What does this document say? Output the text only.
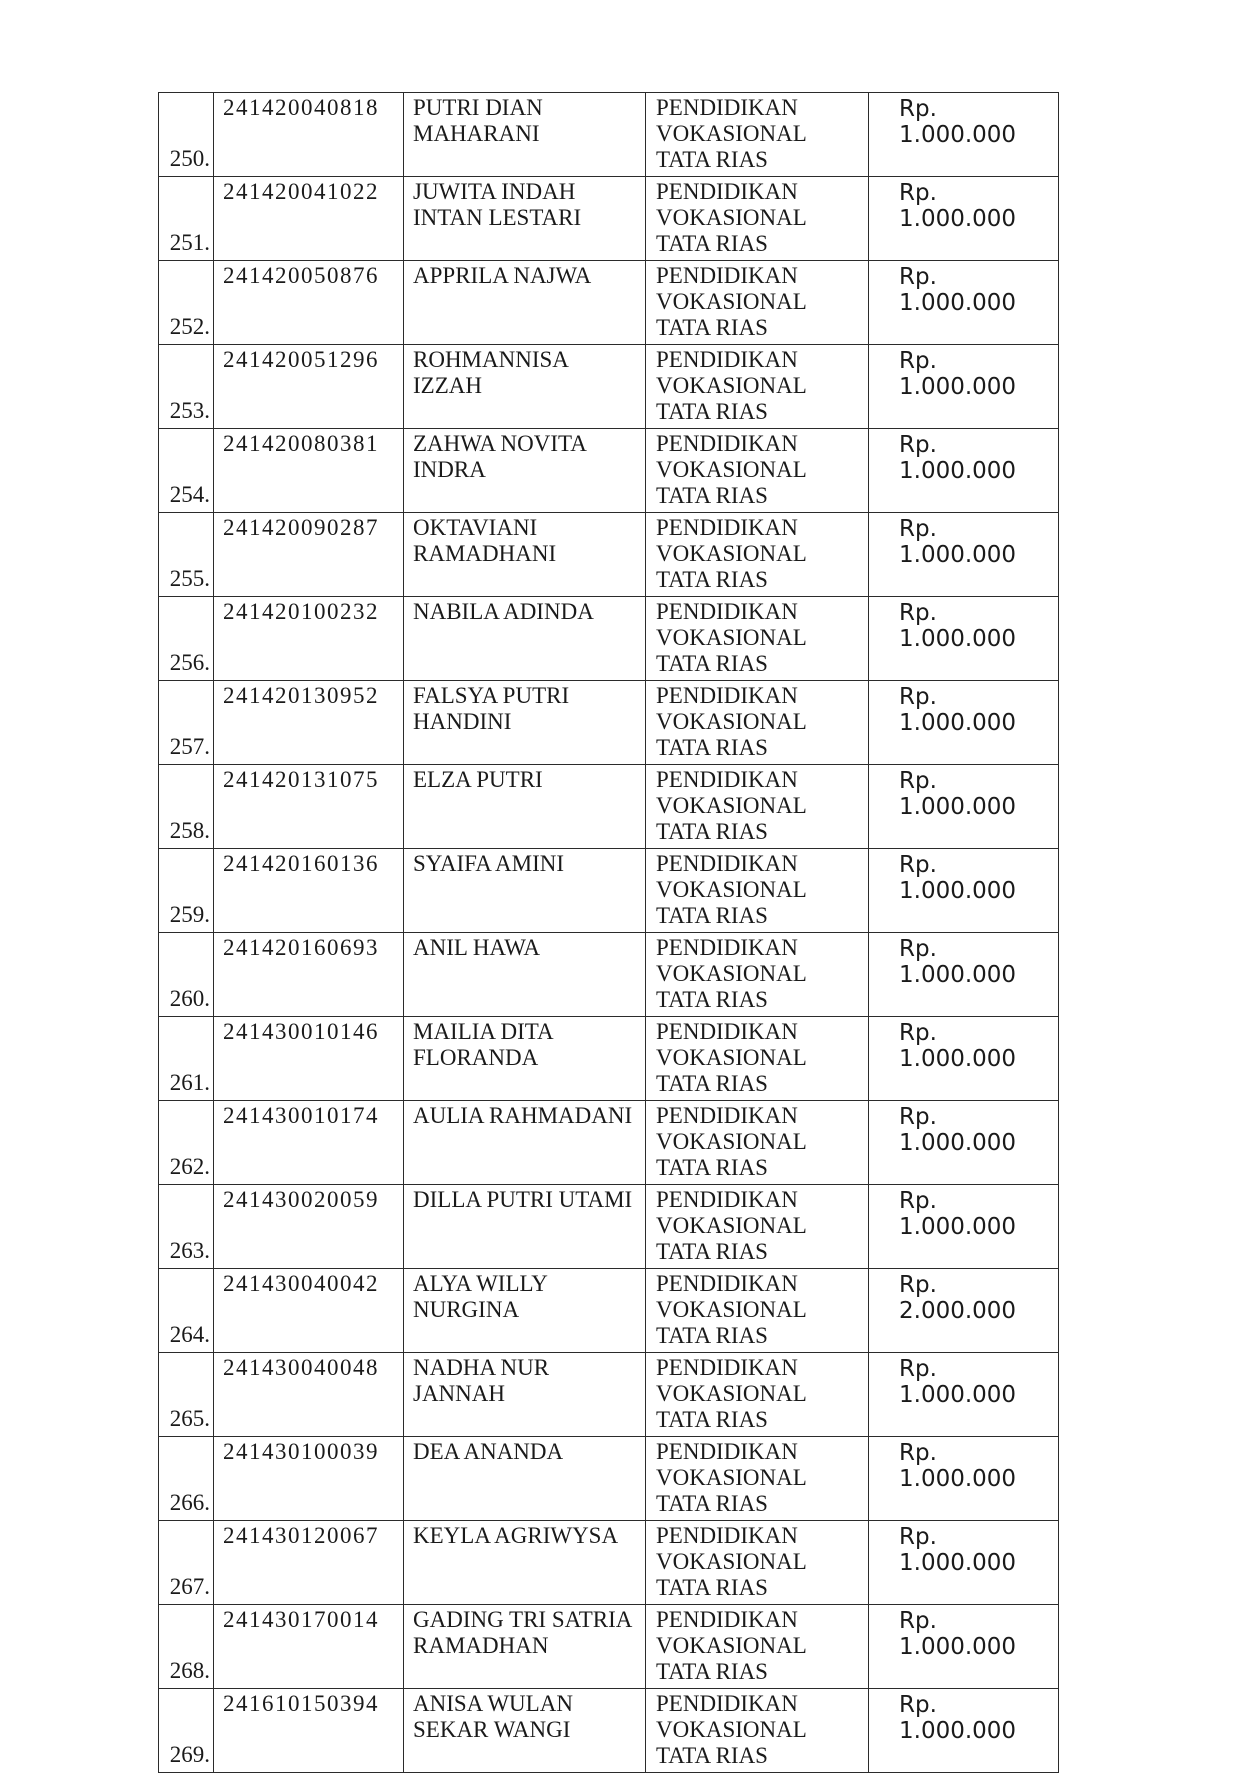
250.	241420040818	PUTRI DIAN MAHARANI	PENDIDIKAN
VOKASIONAL
TATA RIAS	Rp. 1.000.000
251.	241420041022	JUWITA INDAH INTAN LESTARI	PENDIDIKAN
VOKASIONAL
TATA RIAS	Rp. 1.000.000
252.	241420050876	APPRILA NAJWA	PENDIDIKAN
VOKASIONAL
TATA RIAS	Rp. 1.000.000
253.	241420051296	ROHMANNISA IZZAH	PENDIDIKAN
VOKASIONAL
TATA RIAS	Rp. 1.000.000
254.	241420080381	ZAHWA NOVITA INDRA	PENDIDIKAN
VOKASIONAL
TATA RIAS	Rp. 1.000.000
255.	241420090287	OKTAVIANI RAMADHANI	PENDIDIKAN
VOKASIONAL
TATA RIAS	Rp. 1.000.000
256.	241420100232	NABILA ADINDA	PENDIDIKAN
VOKASIONAL
TATA RIAS	Rp. 1.000.000
257.	241420130952	FALSYA PUTRI HANDINI	PENDIDIKAN
VOKASIONAL
TATA RIAS	Rp. 1.000.000
258.	241420131075	ELZA PUTRI	PENDIDIKAN
VOKASIONAL
TATA RIAS	Rp. 1.000.000
259.	241420160136	SYAIFA AMINI	PENDIDIKAN
VOKASIONAL
TATA RIAS	Rp. 1.000.000
260.	241420160693	ANIL HAWA	PENDIDIKAN
VOKASIONAL
TATA RIAS	Rp. 1.000.000
261.	241430010146	MAILIA DITA FLORANDA	PENDIDIKAN
VOKASIONAL
TATA RIAS	Rp. 1.000.000
262.	241430010174	AULIA RAHMADANI	PENDIDIKAN
VOKASIONAL
TATA RIAS	Rp. 1.000.000
263.	241430020059	DILLA PUTRI UTAMI	PENDIDIKAN
VOKASIONAL
TATA RIAS	Rp. 1.000.000
264.	241430040042	ALYA WILLY NURGINA	PENDIDIKAN
VOKASIONAL
TATA RIAS	Rp. 2.000.000
265.	241430040048	NADHA NUR JANNAH	PENDIDIKAN
VOKASIONAL
TATA RIAS	Rp. 1.000.000
266.	241430100039	DEA ANANDA	PENDIDIKAN
VOKASIONAL
TATA RIAS	Rp. 1.000.000
267.	241430120067	KEYLA AGRIWYSA	PENDIDIKAN
VOKASIONAL
TATA RIAS	Rp. 1.000.000
268.	241430170014	GADING TRI SATRIA RAMADHAN	PENDIDIKAN
VOKASIONAL
TATA RIAS	Rp. 1.000.000
269.	241610150394	ANISA WULAN SEKAR WANGI	PENDIDIKAN
VOKASIONAL
TATA RIAS	Rp. 1.000.000
